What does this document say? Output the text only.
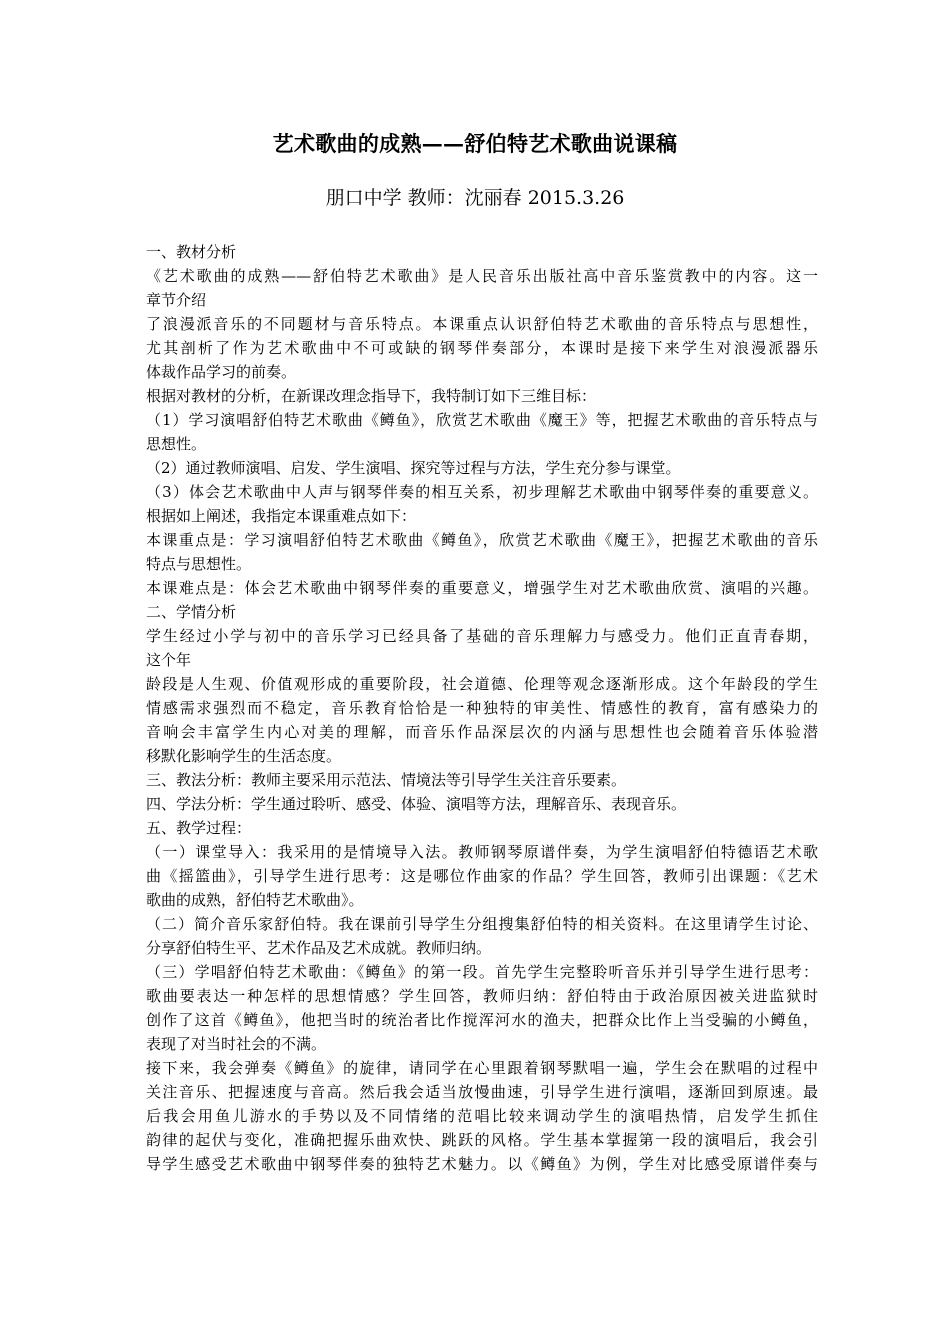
艺术歌曲的成熟——舒伯特艺术歌曲说课稿
朋口中学 教师：沈丽春 2015.3.26
一、教材分析
《艺术歌曲的成熟——舒伯特艺术歌曲》是人民音乐出版社高中音乐鉴赏教中的内容。这一
章节介绍
了浪漫派音乐的不同题材与音乐特点。本课重点认识舒伯特艺术歌曲的音乐特点与思想性，
尤其剖析了作为艺术歌曲中不可或缺的钢琴伴奏部分，本课时是接下来学生对浪漫派器乐
体裁作品学习的前奏。
根据对教材的分析，在新课改理念指导下，我特制订如下三维目标：
（1）学习演唱舒伯特艺术歌曲《鳟鱼》，欣赏艺术歌曲《魔王》等，把握艺术歌曲的音乐特点与
思想性。
（2）通过教师演唱、启发、学生演唱、探究等过程与方法，学生充分参与课堂。
（3）体会艺术歌曲中人声与钢琴伴奏的相互关系，初步理解艺术歌曲中钢琴伴奏的重要意义。
根据如上阐述，我指定本课重难点如下：
本课重点是：学习演唱舒伯特艺术歌曲《鳟鱼》，欣赏艺术歌曲《魔王》，把握艺术歌曲的音乐
特点与思想性。
本课难点是：体会艺术歌曲中钢琴伴奏的重要意义，增强学生对艺术歌曲欣赏、演唱的兴趣。
二、学情分析
学生经过小学与初中的音乐学习已经具备了基础的音乐理解力与感受力。他们正直青春期，
这个年
龄段是人生观、价值观形成的重要阶段，社会道德、伦理等观念逐渐形成。这个年龄段的学生
情感需求强烈而不稳定，音乐教育恰恰是一种独特的审美性、情感性的教育，富有感染力的
音响会丰富学生内心对美的理解，而音乐作品深层次的内涵与思想性也会随着音乐体验潜
移默化影响学生的生活态度。
三、教法分析：教师主要采用示范法、情境法等引导学生关注音乐要素。
四、学法分析：学生通过聆听、感受、体验、演唱等方法，理解音乐、表现音乐。
五、教学过程：
（一）课堂导入：我采用的是情境导入法。教师钢琴原谱伴奏，为学生演唱舒伯特德语艺术歌
曲《摇篮曲》，引导学生进行思考：这是哪位作曲家的作品？学生回答，教师引出课题：《艺术
歌曲的成熟，舒伯特艺术歌曲》。
（二）简介音乐家舒伯特。我在课前引导学生分组搜集舒伯特的相关资料。在这里请学生讨论、
分享舒伯特生平、艺术作品及艺术成就。教师归纳。
（三）学唱舒伯特艺术歌曲：《鳟鱼》的第一段。首先学生完整聆听音乐并引导学生进行思考：
歌曲要表达一种怎样的思想情感？学生回答，教师归纳：舒伯特由于政治原因被关进监狱时
创作了这首《鳟鱼》，他把当时的统治者比作搅浑河水的渔夫，把群众比作上当受骗的小鳟鱼，
表现了对当时社会的不满。
接下来，我会弹奏《鳟鱼》的旋律，请同学在心里跟着钢琴默唱一遍，学生会在默唱的过程中
关注音乐、把握速度与音高。然后我会适当放慢曲速，引导学生进行演唱，逐渐回到原速。最
后我会用鱼儿游水的手势以及不同情绪的范唱比较来调动学生的演唱热情，启发学生抓住
韵律的起伏与变化，准确把握乐曲欢快、跳跃的风格。学生基本掌握第一段的演唱后，我会引
导学生感受艺术歌曲中钢琴伴奏的独特艺术魅力。以《鳟鱼》为例，学生对比感受原谱伴奏与
